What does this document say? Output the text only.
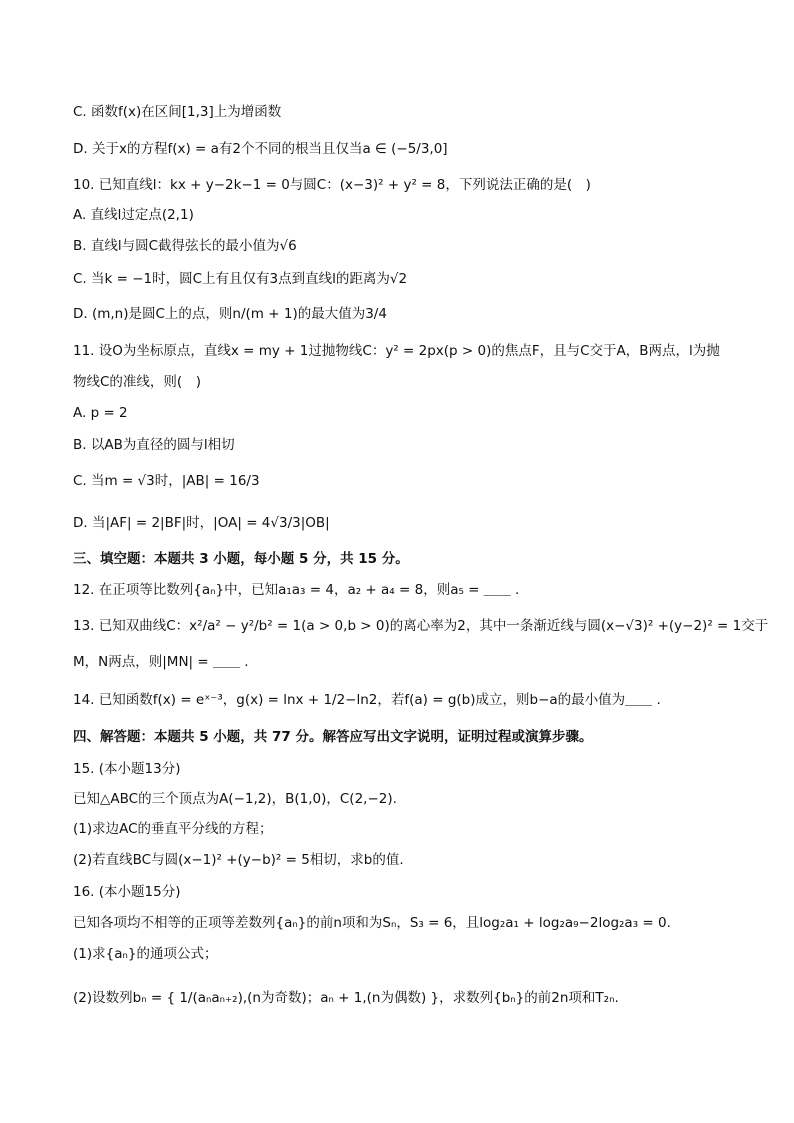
C. 函数f(x)在区间[1,3]上为增函数
D. 关于x的方程f(x) = a有2个不同的根当且仅当a ∈ (−5/3,0]
10. 已知直线l：kx + y−2k−1 = 0与圆C：(x−3)² + y² = 8，下列说法正确的是(　)
A. 直线l过定点(2,1)
B. 直线l与圆C截得弦长的最小值为√6
C. 当k = −1时，圆C上有且仅有3点到直线l的距离为√2
D. (m,n)是圆C上的点，则n/(m + 1)的最大值为3/4
11. 设O为坐标原点，直线x = my + 1过抛物线C：y² = 2px(p > 0)的焦点F，且与C交于A，B两点，l为抛
物线C的准线，则(　)
A. p = 2
B. 以AB为直径的圆与l相切
C. 当m = √3时，|AB| = 16/3
D. 当|AF| = 2|BF|时，|OA| = 4√3/3|OB|
三、填空题：本题共 3 小题，每小题 5 分，共 15 分。
12. 在正项等比数列{aₙ}中，已知a₁a₃ = 4，a₂ + a₄ = 8，则a₅ = ＿＿ .
13. 已知双曲线C：x²/a² − y²/b² = 1(a > 0,b > 0)的离心率为2，其中一条渐近线与圆(x−√3)² +(y−2)² = 1交于
M，N两点，则|MN| = ＿＿ .
14. 已知函数f(x) = eˣ⁻³，g(x) = lnx + 1/2−ln2，若f(a) = g(b)成立，则b−a的最小值为＿＿ .
四、解答题：本题共 5 小题，共 77 分。解答应写出文字说明，证明过程或演算步骤。
15. (本小题13分)
已知△ABC的三个顶点为A(−1,2)，B(1,0)，C(2,−2).
(1)求边AC的垂直平分线的方程；
(2)若直线BC与圆(x−1)² +(y−b)² = 5相切，求b的值.
16. (本小题15分)
已知各项均不相等的正项等差数列{aₙ}的前n项和为Sₙ，S₃ = 6，且log₂a₁ + log₂a₉−2log₂a₃ = 0.
(1)求{aₙ}的通项公式；
(2)设数列bₙ = { 1/(aₙaₙ₊₂),(n为奇数)；aₙ + 1,(n为偶数) }，求数列{bₙ}的前2n项和T₂ₙ.
